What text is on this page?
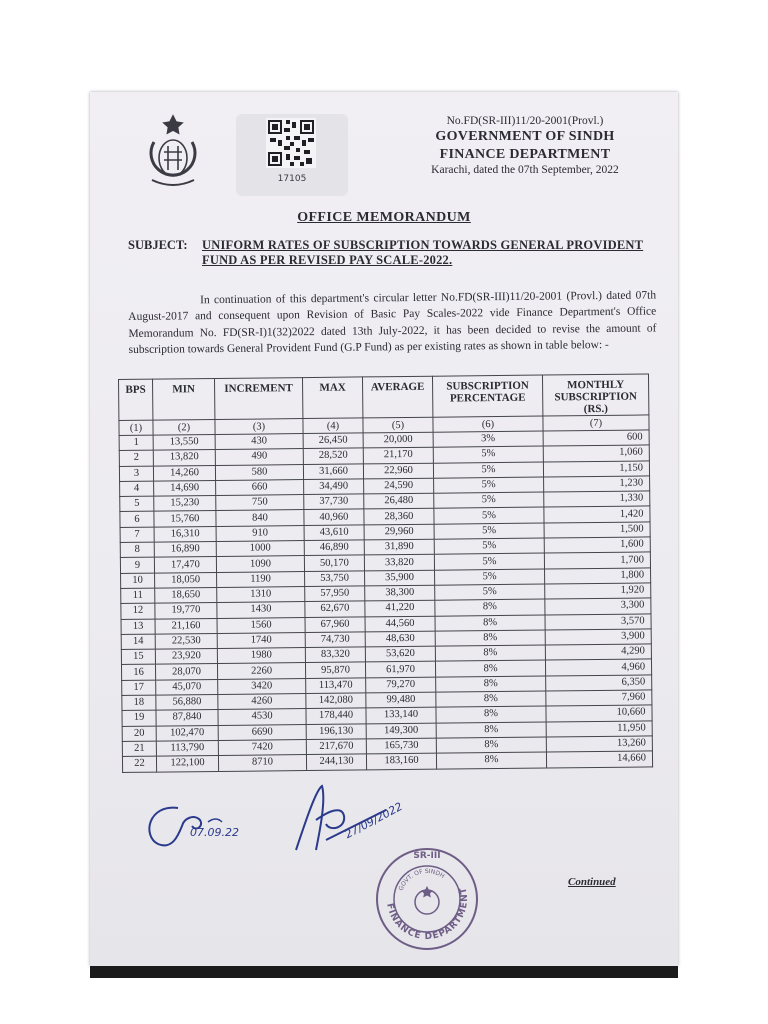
17105
No.FD(SR-III)11/20-2001(Provl.)
GOVERNMENT OF SINDH
FINANCE DEPARTMENT
Karachi, dated the 07th September, 2022
OFFICE MEMORANDUM
SUBJECT: UNIFORM RATES OF SUBSCRIPTION TOWARDS GENERAL PROVIDENT FUND AS PER REVISED PAY SCALE-2022.
In continuation of this department's circular letter No.FD(SR-III)11/20-2001 (Provl.) dated 07th August-2017 and consequent upon Revision of Basic Pay Scales-2022 vide Finance Department's Office Memorandum No. FD(SR-I)1(32)2022 dated 13th July-2022, it has been decided to revise the amount of subscription towards General Provident Fund (G.P Fund) as per existing rates as shown in table below: -
BPS	MIN	INCREMENT	MAX	AVERAGE	SUBSCRIPTION PERCENTAGE	MONTHLY SUBSCRIPTION (RS.)
(1)	(2)	(3)	(4)	(5)	(6)	(7)
1	13,550	430	26,450	20,000	3%	600
2	13,820	490	28,520	21,170	5%	1,060
3	14,260	580	31,660	22,960	5%	1,150
4	14,690	660	34,490	24,590	5%	1,230
5	15,230	750	37,730	26,480	5%	1,330
6	15,760	840	40,960	28,360	5%	1,420
7	16,310	910	43,610	29,960	5%	1,500
8	16,890	1000	46,890	31,890	5%	1,600
9	17,470	1090	50,170	33,820	5%	1,700
10	18,050	1190	53,750	35,900	5%	1,800
11	18,650	1310	57,950	38,300	5%	1,920
12	19,770	1430	62,670	41,220	8%	3,300
13	21,160	1560	67,960	44,560	8%	3,570
14	22,530	1740	74,730	48,630	8%	3,900
15	23,920	1980	83,320	53,620	8%	4,290
16	28,070	2260	95,870	61,970	8%	4,960
17	45,070	3420	113,470	79,270	8%	6,350
18	56,880	4260	142,080	99,480	8%	7,960
19	87,840	4530	178,440	133,140	8%	10,660
20	102,470	6690	196,130	149,300	8%	11,950
21	113,790	7420	217,670	165,730	8%	13,260
22	122,100	8710	244,130	183,160	8%	14,660
07.09.22	27/09/2022
FINANCE DEPARTMENT
GOVT. OF SINDH
SR-III
Continued
